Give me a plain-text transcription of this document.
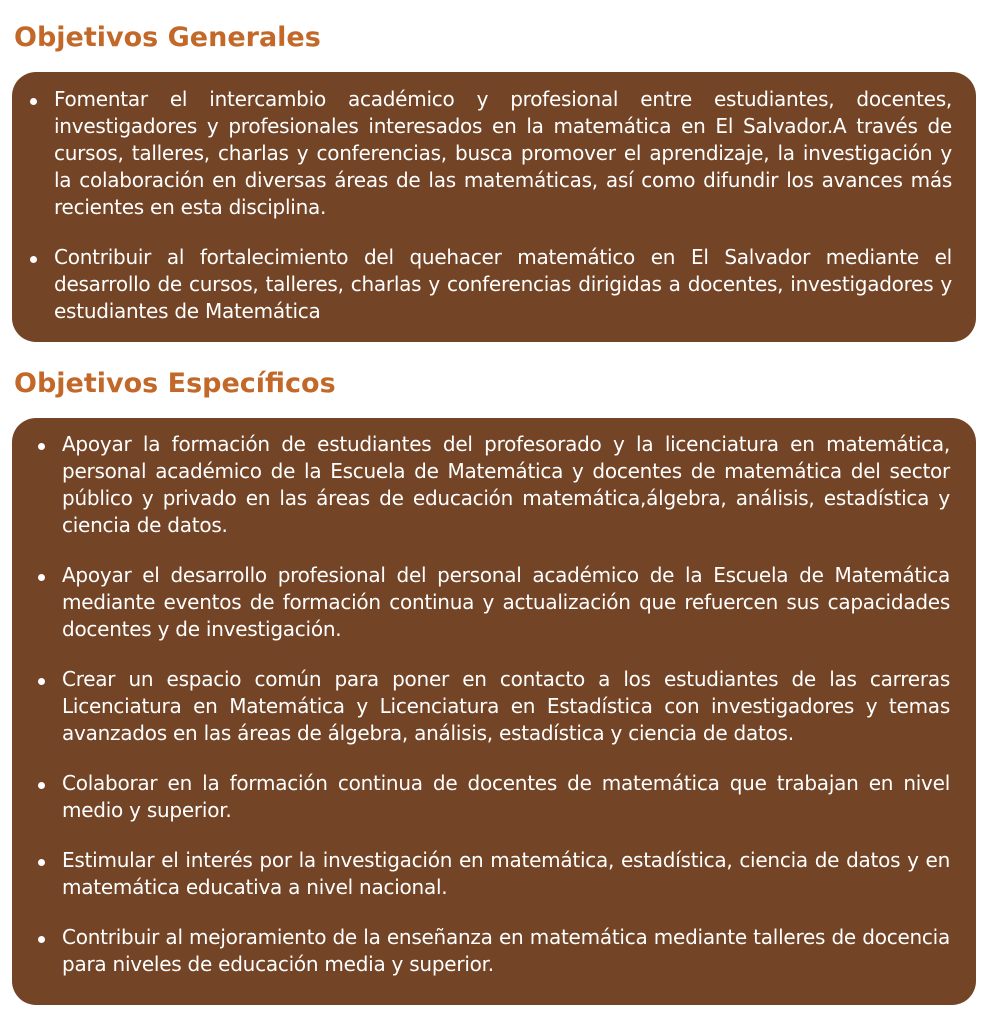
Objetivos Generales
Fomentar el intercambio académico y profesional entre estudiantes, docentes, investigadores y profesionales interesados en la matemática en El Salvador.A través de cursos, talleres, charlas y conferencias, busca promover el aprendizaje, la investigación y la colaboración en diversas áreas de las matemáticas, así como difundir los avances más recientes en esta disciplina.
Contribuir al fortalecimiento del quehacer matemático en El Salvador mediante el desarrollo de cursos, talleres, charlas y conferencias dirigidas a docentes, investigadores y estudiantes de Matemática
Objetivos Específicos
Apoyar la formación de estudiantes del profesorado y la licenciatura en matemática, personal académico de la Escuela de Matemática y docentes de matemática del sector público y privado en las áreas de educación matemática,álgebra, análisis, estadística y ciencia de datos.
Apoyar el desarrollo profesional del personal académico de la Escuela de Matemática mediante eventos de formación continua y actualización que refuercen sus capacidades docentes y de investigación.
Crear un espacio común para poner en contacto a los estudiantes de las carreras Licenciatura en Matemática y Licenciatura en Estadística con investigadores y temas avanzados en las áreas de álgebra, análisis, estadística y ciencia de datos.
Colaborar en la formación continua de docentes de matemática que trabajan en nivel medio y superior.
Estimular el interés por la investigación en matemática, estadística, ciencia de datos y en matemática educativa a nivel nacional.
Contribuir al mejoramiento de la enseñanza en matemática mediante talleres de docencia para niveles de educación media y superior.
